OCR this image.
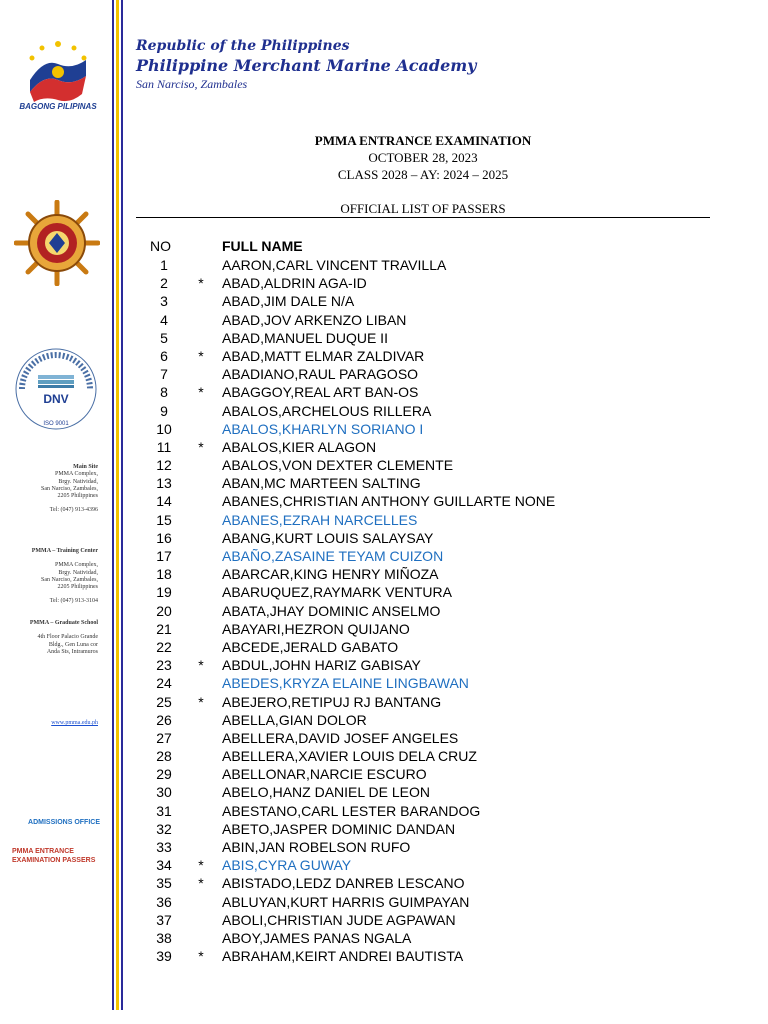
BAGONG PILIPINAS
DNV
ISO 9001
Main Site
PMMA Complex,
Brgy. Natividad,
San Narciso, Zambales,
2205 Philippines
Tel: (047) 913-4396
PMMA – Training Center
PMMA Complex,
Brgy. Natividad,
San Narciso, Zambales,
2205 Philippines
Tel: (047) 913-3104
PMMA – Graduate School
4th Floor Palacio Grande
Bldg., Gen Luna cor
Anda Sts, Intramuros
www.pmma.edu.ph
ADMISSIONS OFFICE
PMMA ENTRANCE EXAMINATION PASSERS
Republic of the Philippines
Philippine Merchant Marine Academy
San Narciso, Zambales
PMMA ENTRANCE EXAMINATION
OCTOBER 28, 2023
CLASS 2028 – AY: 2024 – 2025
OFFICIAL LIST OF PASSERS
NO	FULL NAME
1	AARON,CARL VINCENT TRAVILLA
2	* ABAD,ALDRIN AGA-ID
3	ABAD,JIM DALE N/A
4	ABAD,JOV ARKENZO LIBAN
5	ABAD,MANUEL DUQUE II
6	* ABAD,MATT ELMAR ZALDIVAR
7	ABADIANO,RAUL PARAGOSO
8	* ABAGGOY,REAL ART BAN-OS
9	ABALOS,ARCHELOUS RILLERA
10	ABALOS,KHARLYN SORIANO I
11	* ABALOS,KIER ALAGON
12	ABALOS,VON DEXTER CLEMENTE
13	ABAN,MC MARTEEN SALTING
14	ABANES,CHRISTIAN ANTHONY GUILLARTE NONE
15	ABANES,EZRAH NARCELLES
16	ABANG,KURT LOUIS SALAYSAY
17	ABAÑO,ZASAINE TEYAM CUIZON
18	ABARCAR,KING HENRY MIÑOZA
19	ABARUQUEZ,RAYMARK VENTURA
20	ABATA,JHAY DOMINIC ANSELMO
21	ABAYARI,HEZRON QUIJANO
22	ABCEDE,JERALD GABATO
23	* ABDUL,JOHN HARIZ GABISAY
24	ABEDES,KRYZA ELAINE LINGBAWAN
25	* ABEJERO,RETIPUJ RJ BANTANG
26	ABELLA,GIAN DOLOR
27	ABELLERA,DAVID JOSEF ANGELES
28	ABELLERA,XAVIER LOUIS DELA CRUZ
29	ABELLONAR,NARCIE ESCURO
30	ABELO,HANZ DANIEL DE LEON
31	ABESTANO,CARL LESTER BARANDOG
32	ABETO,JASPER DOMINIC DANDAN
33	ABIN,JAN ROBELSON RUFO
34	* ABIS,CYRA GUWAY
35	* ABISTADO,LEDZ DANREB LESCANO
36	ABLUYAN,KURT HARRIS GUIMPAYAN
37	ABOLI,CHRISTIAN JUDE AGPAWAN
38	ABOY,JAMES PANAS NGALA
39	* ABRAHAM,KEIRT ANDREI BAUTISTA
